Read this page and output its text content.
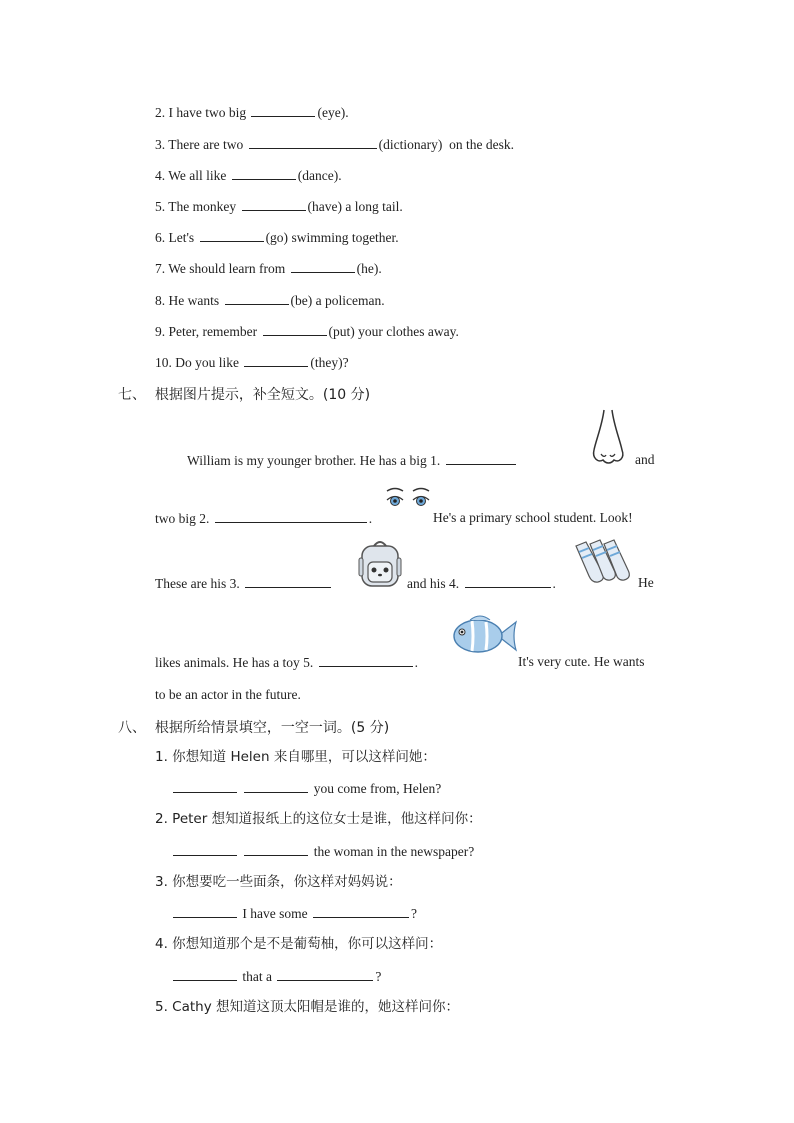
2. I have two big	(eye).
3. There are two	(dictionary) on the desk.
4. We all like	(dance).
5. The monkey	(have) a long tail.
6. Let's	(go) swimming together.
7. We should learn from	(he).
8. He wants	(be) a policeman.
9. Peter, remember	(put) your clothes away.
10. Do you like	(they)?
七、 根据图片提示，补全短文。(10 分)
William is my younger brother. He has a big 1.	and
two big 2.	.	He's a primary school student. Look!
These are his 3.	and his 4.	.	He
likes animals. He has a toy 5.	.	It's very cute. He wants
to be an actor in the future.
八、 根据所给情景填空，一空一词。(5 分)
1. 你想知道 Helen 来自哪里，可以这样问她：
you come from, Helen?
2. Peter 想知道报纸上的这位女士是谁，他这样问你：
the woman in the newspaper?
3. 你想要吃一些面条，你这样对妈妈说：
I have some	?
4. 你想知道那个是不是葡萄柚，你可以这样问：
that a	?
5. Cathy 想知道这顶太阳帽是谁的，她这样问你：
